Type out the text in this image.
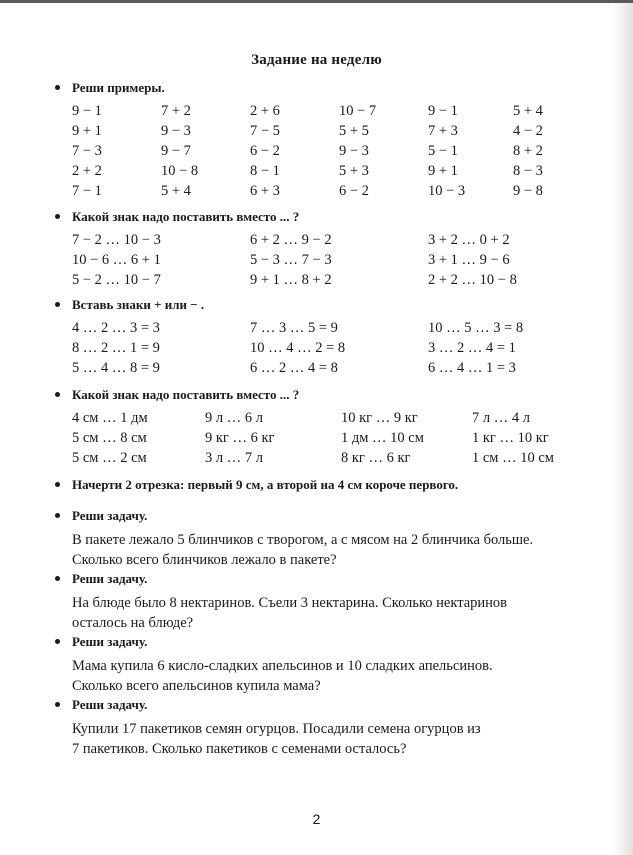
Задание на неделю
Реши примеры.
9 − 1	7 + 2	2 + 6	10 − 7	9 − 1	5 + 4
9 + 1	9 − 3	7 − 5	5 + 5	7 + 3	4 − 2
7 − 3	9 − 7	6 − 2	9 − 3	5 − 1	8 + 2
2 + 2	10 − 8	8 − 1	5 + 3	9 + 1	8 − 3
7 − 1	5 + 4	6 + 3	6 − 2	10 − 3	9 − 8
Какой знак надо поставить вместо ... ?
7 − 2 … 10 − 3	6 + 2 … 9 − 2	3 + 2 … 0 + 2
10 − 6 … 6 + 1	5 − 3 … 7 − 3	3 + 1 … 9 − 6
5 − 2 … 10 − 7	9 + 1 … 8 + 2	2 + 2 … 10 − 8
Вставь знаки + или − .
4 … 2 … 3 = 3	7 … 3 … 5 = 9	10 … 5 … 3 = 8
8 … 2 … 1 = 9	10 … 4 … 2 = 8	3 … 2 … 4 = 1
5 … 4 … 8 = 9	6 … 2 … 4 = 8	6 … 4 … 1 = 3
Какой знак надо поставить вместо ... ?
4 см … 1 дм	9 л … 6 л	10 кг … 9 кг	7 л … 4 л
5 см … 8 см	9 кг … 6 кг	1 дм … 10 см	1 кг … 10 кг
5 см … 2 см	3 л … 7 л	8 кг … 6 кг	1 см … 10 см
Начерти 2 отрезка: первый 9 см, а второй на 4 см короче первого.
Реши задачу.
В пакете лежало 5 блинчиков с творогом, а с мясом на 2 блинчика больше.
Сколько всего блинчиков лежало в пакете?
Реши задачу.
На блюде было 8 нектаринов. Съели 3 нектарина. Сколько нектаринов
осталось на блюде?
Реши задачу.
Мама купила 6 кисло-сладких апельсинов и 10 сладких апельсинов.
Сколько всего апельсинов купила мама?
Реши задачу.
Купили 17 пакетиков семян огурцов. Посадили семена огурцов из
7 пакетиков. Сколько пакетиков с семенами осталось?
2
